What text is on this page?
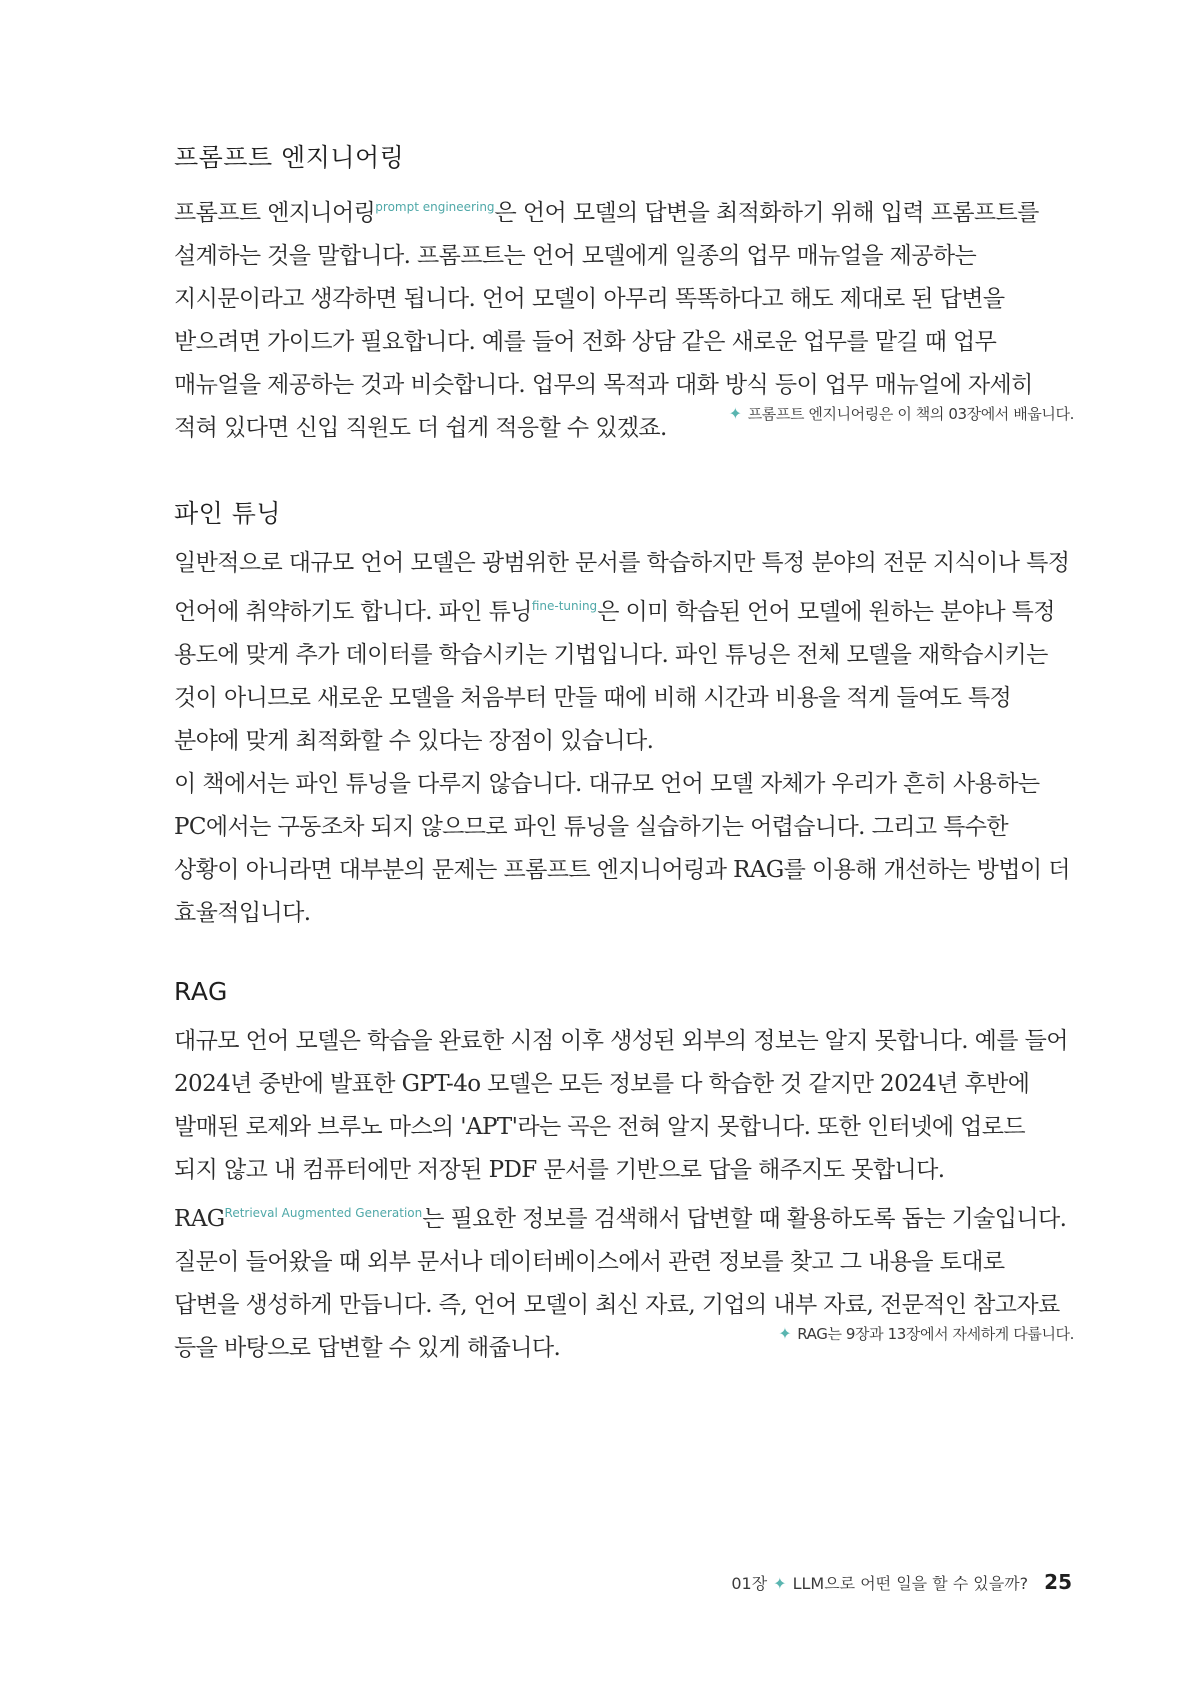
프롬프트 엔지니어링

프롬프트 엔지니어링$^{prompt engineering}$은 언어 모델의 답변을 최적화하기 위해 입력 프롬프트를 설계하는 것을 말합니다. 프롬프트는 언어 모델에게 일종의 업무 매뉴얼을 제공하는 지시문이라고 생각하면 됩니다. 언어 모델이 아무리 똑똑하다고 해도 제대로 된 답변을 받으려면 가이드가 필요합니다. 예를 들어 전화 상담 같은 새로운 업무를 맡길 때 업무 매뉴얼을 제공하는 것과 비슷합니다. 업무의 목적과 대화 방식 등이 업무 매뉴얼에 자세히 적혀 있다면 신입 직원도 더 쉽게 적응할 수 있겠죠.

✦ 프롬프트 엔지니어링은 이 책의 03장에서 배웁니다.
파인 튜닝

일반적으로 대규모 언어 모델은 광범위한 문서를 학습하지만 특정 분야의 전문 지식이나 특정 언어에 취약하기도 합니다. 파인 튜닝$^{fine-tuning}$은 이미 학습된 언어 모델에 원하는 분야나 특정 용도에 맞게 추가 데이터를 학습시키는 기법입니다. 파인 튜닝은 전체 모델을 재학습시키는 것이 아니므로 새로운 모델을 처음부터 만들 때에 비해 시간과 비용을 적게 들여도 특정 분야에 맞게 최적화할 수 있다는 장점이 있습니다.

이 책에서는 파인 튜닝을 다루지 않습니다. 대규모 언어 모델 자체가 우리가 흔히 사용하는 PC에서는 구동조차 되지 않으므로 파인 튜닝을 실습하기는 어렵습니다. 그리고 특수한 상황이 아니라면 대부분의 문제는 프롬프트 엔지니어링과 RAG를 이용해 개선하는 방법이 더 효율적입니다.

RAG

대규모 언어 모델은 학습을 완료한 시점 이후 생성된 외부의 정보는 알지 못합니다. 예를 들어 2024년 중반에 발표한 GPT-4o 모델은 모든 정보를 다 학습한 것 같지만 2024년 후반에 발매된 로제와 브루노 마스의 'APT'라는 곡은 전혀 알지 못합니다. 또한 인터넷에 업로드 되지 않고 내 컴퓨터에만 저장된 PDF 문서를 기반으로 답을 해주지도 못합니다.

$RAG^{Retrieval Augmented Generation}$는 필요한 정보를 검색해서 답변할 때 활용하도록 돕는 기술입니다. 질문이 들어왔을 때 외부 문서나 데이터베이스에서 관련 정보를 찾고 그 내용을 토대로 답변을 생성하게 만듭니다. 즉, 언어 모델이 최신 자료, 기업의 내부 자료, 전문적인 참고자료 등을 바탕으로 답변할 수 있게 해줍니다.

✦ RAG는 9장과 13장에서 자세하게 다룹니다.
01장 ✦ LLM으로 어떤 일을 할 수 있을까? 25
